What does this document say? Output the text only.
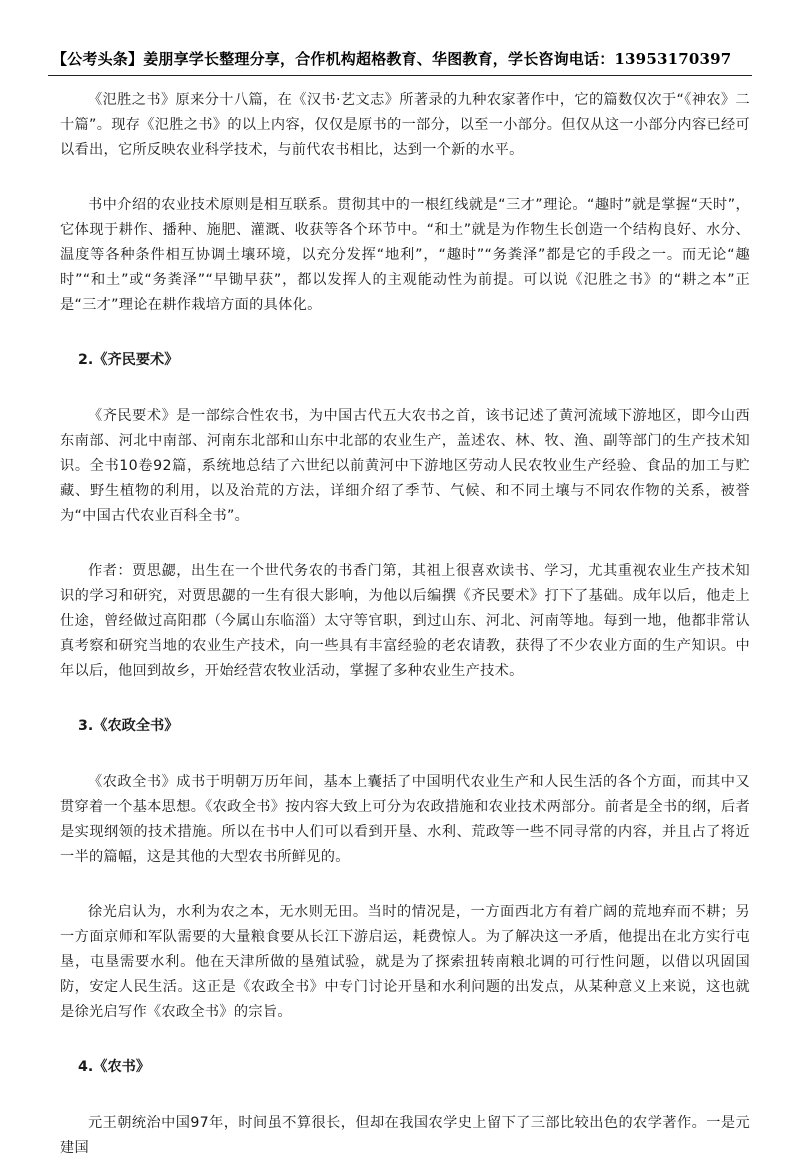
【公考头条】姜朋享学长整理分享，合作机构超格教育、华图教育，学长咨询电话：13953170397

《氾胜之书》原来分十八篇，在《汉书·艺文志》所著录的九种农家著作中，它的篇数仅次于“《神农》二十篇”。现存《氾胜之书》的以上内容，仅仅是原书的一部分，以至一小部分。但仅从这一小部分内容已经可以看出，它所反映农业科学技术，与前代农书相比，达到一个新的水平。

书中介绍的农业技术原则是相互联系。贯彻其中的一根红线就是“三才”理论。“趣时”就是掌握“天时”，它体现于耕作、播种、施肥、灌溉、收获等各个环节中。“和土”就是为作物生长创造一个结构良好、水分、温度等各种条件相互协调土壤环境，以充分发挥“地利”，“趣时”“务粪泽”都是它的手段之一。而无论“趣时”“和土”或“务粪泽”“早锄早获”，都以发挥人的主观能动性为前提。可以说《氾胜之书》的“耕之本”正是“三才”理论在耕作栽培方面的具体化。

2.《齐民要术》

《齐民要术》是一部综合性农书，为中国古代五大农书之首，该书记述了黄河流域下游地区，即今山西东南部、河北中南部、河南东北部和山东中北部的农业生产，盖述农、林、牧、渔、副等部门的生产技术知识。全书10卷92篇，系统地总结了六世纪以前黄河中下游地区劳动人民农牧业生产经验、食品的加工与贮藏、野生植物的利用，以及治荒的方法，详细介绍了季节、气候、和不同土壤与不同农作物的关系，被誉为“中国古代农业百科全书”。

作者：贾思勰，出生在一个世代务农的书香门第，其祖上很喜欢读书、学习，尤其重视农业生产技术知识的学习和研究，对贾思勰的一生有很大影响，为他以后编撰《齐民要术》打下了基础。成年以后，他走上仕途，曾经做过高阳郡（今属山东临淄）太守等官职，到过山东、河北、河南等地。每到一地，他都非常认真考察和研究当地的农业生产技术，向一些具有丰富经验的老农请教，获得了不少农业方面的生产知识。中年以后，他回到故乡，开始经营农牧业活动，掌握了多种农业生产技术。

3.《农政全书》

《农政全书》成书于明朝万历年间，基本上囊括了中国明代农业生产和人民生活的各个方面，而其中又贯穿着一个基本思想。《农政全书》按内容大致上可分为农政措施和农业技术两部分。前者是全书的纲，后者是实现纲领的技术措施。所以在书中人们可以看到开垦、水利、荒政等一些不同寻常的内容，并且占了将近一半的篇幅，这是其他的大型农书所鲜见的。

徐光启认为，水利为农之本，无水则无田。当时的情况是，一方面西北方有着广阔的荒地弃而不耕；另一方面京师和军队需要的大量粮食要从长江下游启运，耗费惊人。为了解决这一矛盾，他提出在北方实行屯垦，屯垦需要水利。他在天津所做的垦殖试验，就是为了探索扭转南粮北调的可行性问题，以借以巩固国防，安定人民生活。这正是《农政全书》中专门讨论开垦和水利问题的出发点，从某种意义上来说，这也就是徐光启写作《农政全书》的宗旨。

4.《农书》

元王朝统治中国97年，时间虽不算很长，但却在我国农学史上留下了三部比较出色的农学著作。一是元建国
